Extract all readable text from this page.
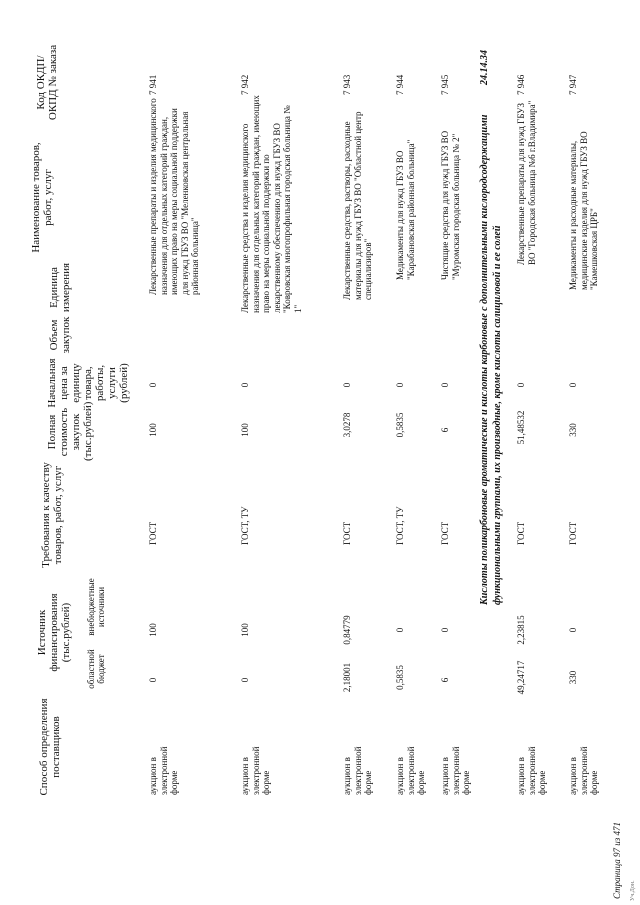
Код ОКДП/ ОКПД № заказа
Наименование товаров, работ, услуг
Единица измерения
Объем закупок
Начальная цена за единицу товара, работы, услуги (рублей)
Полная стоимость закупок (тыс.рублей)
Требования к качеству товаров, работ, услуг
Источник финансирования (тыс.рублей)
областной бюджет
внебюджетные источники
Способ определения поставщиков
7 941
Лекарственные препараты и изделия медицинского назначения для отдельных категорий граждан, имеющих право на меры социальной поддержки для нужд ГБУЗ ВО "Меленковская центральная районная больница"
0
100
ГОСТ
100
0
аукцион в электронной форме
7 942
Лекарственные средства и изделия медицинского назначения для отдельных категорий граждан, имеющих право на меры социальной поддержки по лекарственному обеспечению для нужд ГБУЗ ВО "Ковровская многопрофильная городская больница № 1"
0
100
ГОСТ, ТУ
100
0
аукцион в электронной форме
7 943
Лекарственные средства, растворы, расходные материалы для нужд ГБУЗ ВО "Областной центр специализиров"
0
3,0278
ГОСТ
0,84779
2,18001
аукцион в электронной форме
7 944
Медикаменты для нужд ГБУЗ ВО "Карабановская районная больница"
0
0,5835
ГОСТ, ТУ
0
0,5835
аукцион в электронной форме
7 945
Чистящие средства для нужд ГБУЗ ВО "Муромская городская больница № 2"
0
6
ГОСТ
0
6
аукцион в электронной форме
24.14.34
Кислоты поликарбоновые ароматические и кислоты карбоновые с дополнительными кислородсодержащими функциональными группами, их производные, кроме кислоты салициловой и ее солей
7 946
Лекарственные препараты для нужд ГБУЗ ВО "Городская больница №6 г.Владимира"
0
51,48532
ГОСТ
2,23815
49,24717
аукцион в электронной форме
7 947
Медикаменты и расходные материалы, медицинские изделия для нужд ГБУЗ ВО "Камешковская ЦРБ"
0
330
ГОСТ
0
330
аукцион в электронной форме
Страница 97 из 471	Уч.Дон.
